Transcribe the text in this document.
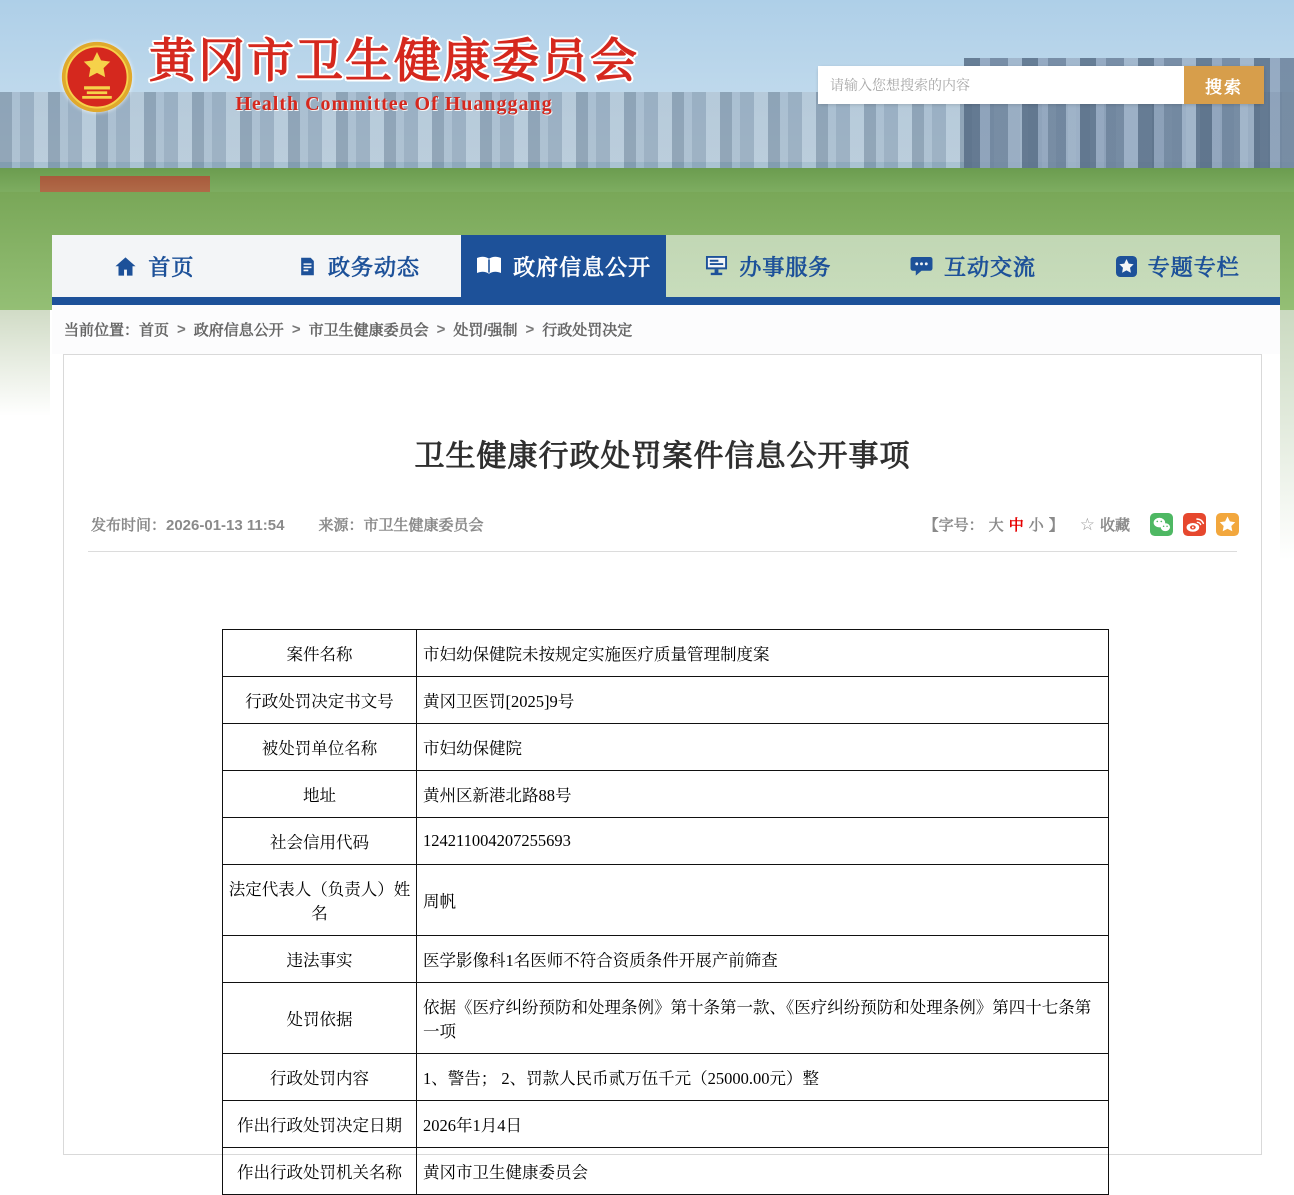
黄冈市卫生健康委员会
Health Committee Of Huanggang
请输入您想搜索的内容
搜索
首页	政务动态	政府信息公开	办事服务	互动交流	专题专栏
当前位置： 首页 > 政府信息公开 > 市卫生健康委员会 > 处罚/强制 > 行政处罚决定
卫生健康行政处罚案件信息公开事项
发布时间：2026-01-13 11:54 来源：市卫生健康委员会	【字号： 大 中 小 】 ☆ 收藏
案件名称	市妇幼保健院未按规定实施医疗质量管理制度案
行政处罚决定书文号	黄冈卫医罚[2025]9号
被处罚单位名称	市妇幼保健院
地址	黄州区新港北路88号
社会信用代码	124211004207255693
法定代表人（负责人）姓名	周帆
违法事实	医学影像科1名医师不符合资质条件开展产前筛查
处罚依据	依据《医疗纠纷预防和处理条例》第十条第一款、《医疗纠纷预防和处理条例》第四十七条第一项
行政处罚内容	1、警告； 2、罚款人民币贰万伍千元（25000.00元）整
作出行政处罚决定日期	2026年1月4日
作出行政处罚机关名称	黄冈市卫生健康委员会
